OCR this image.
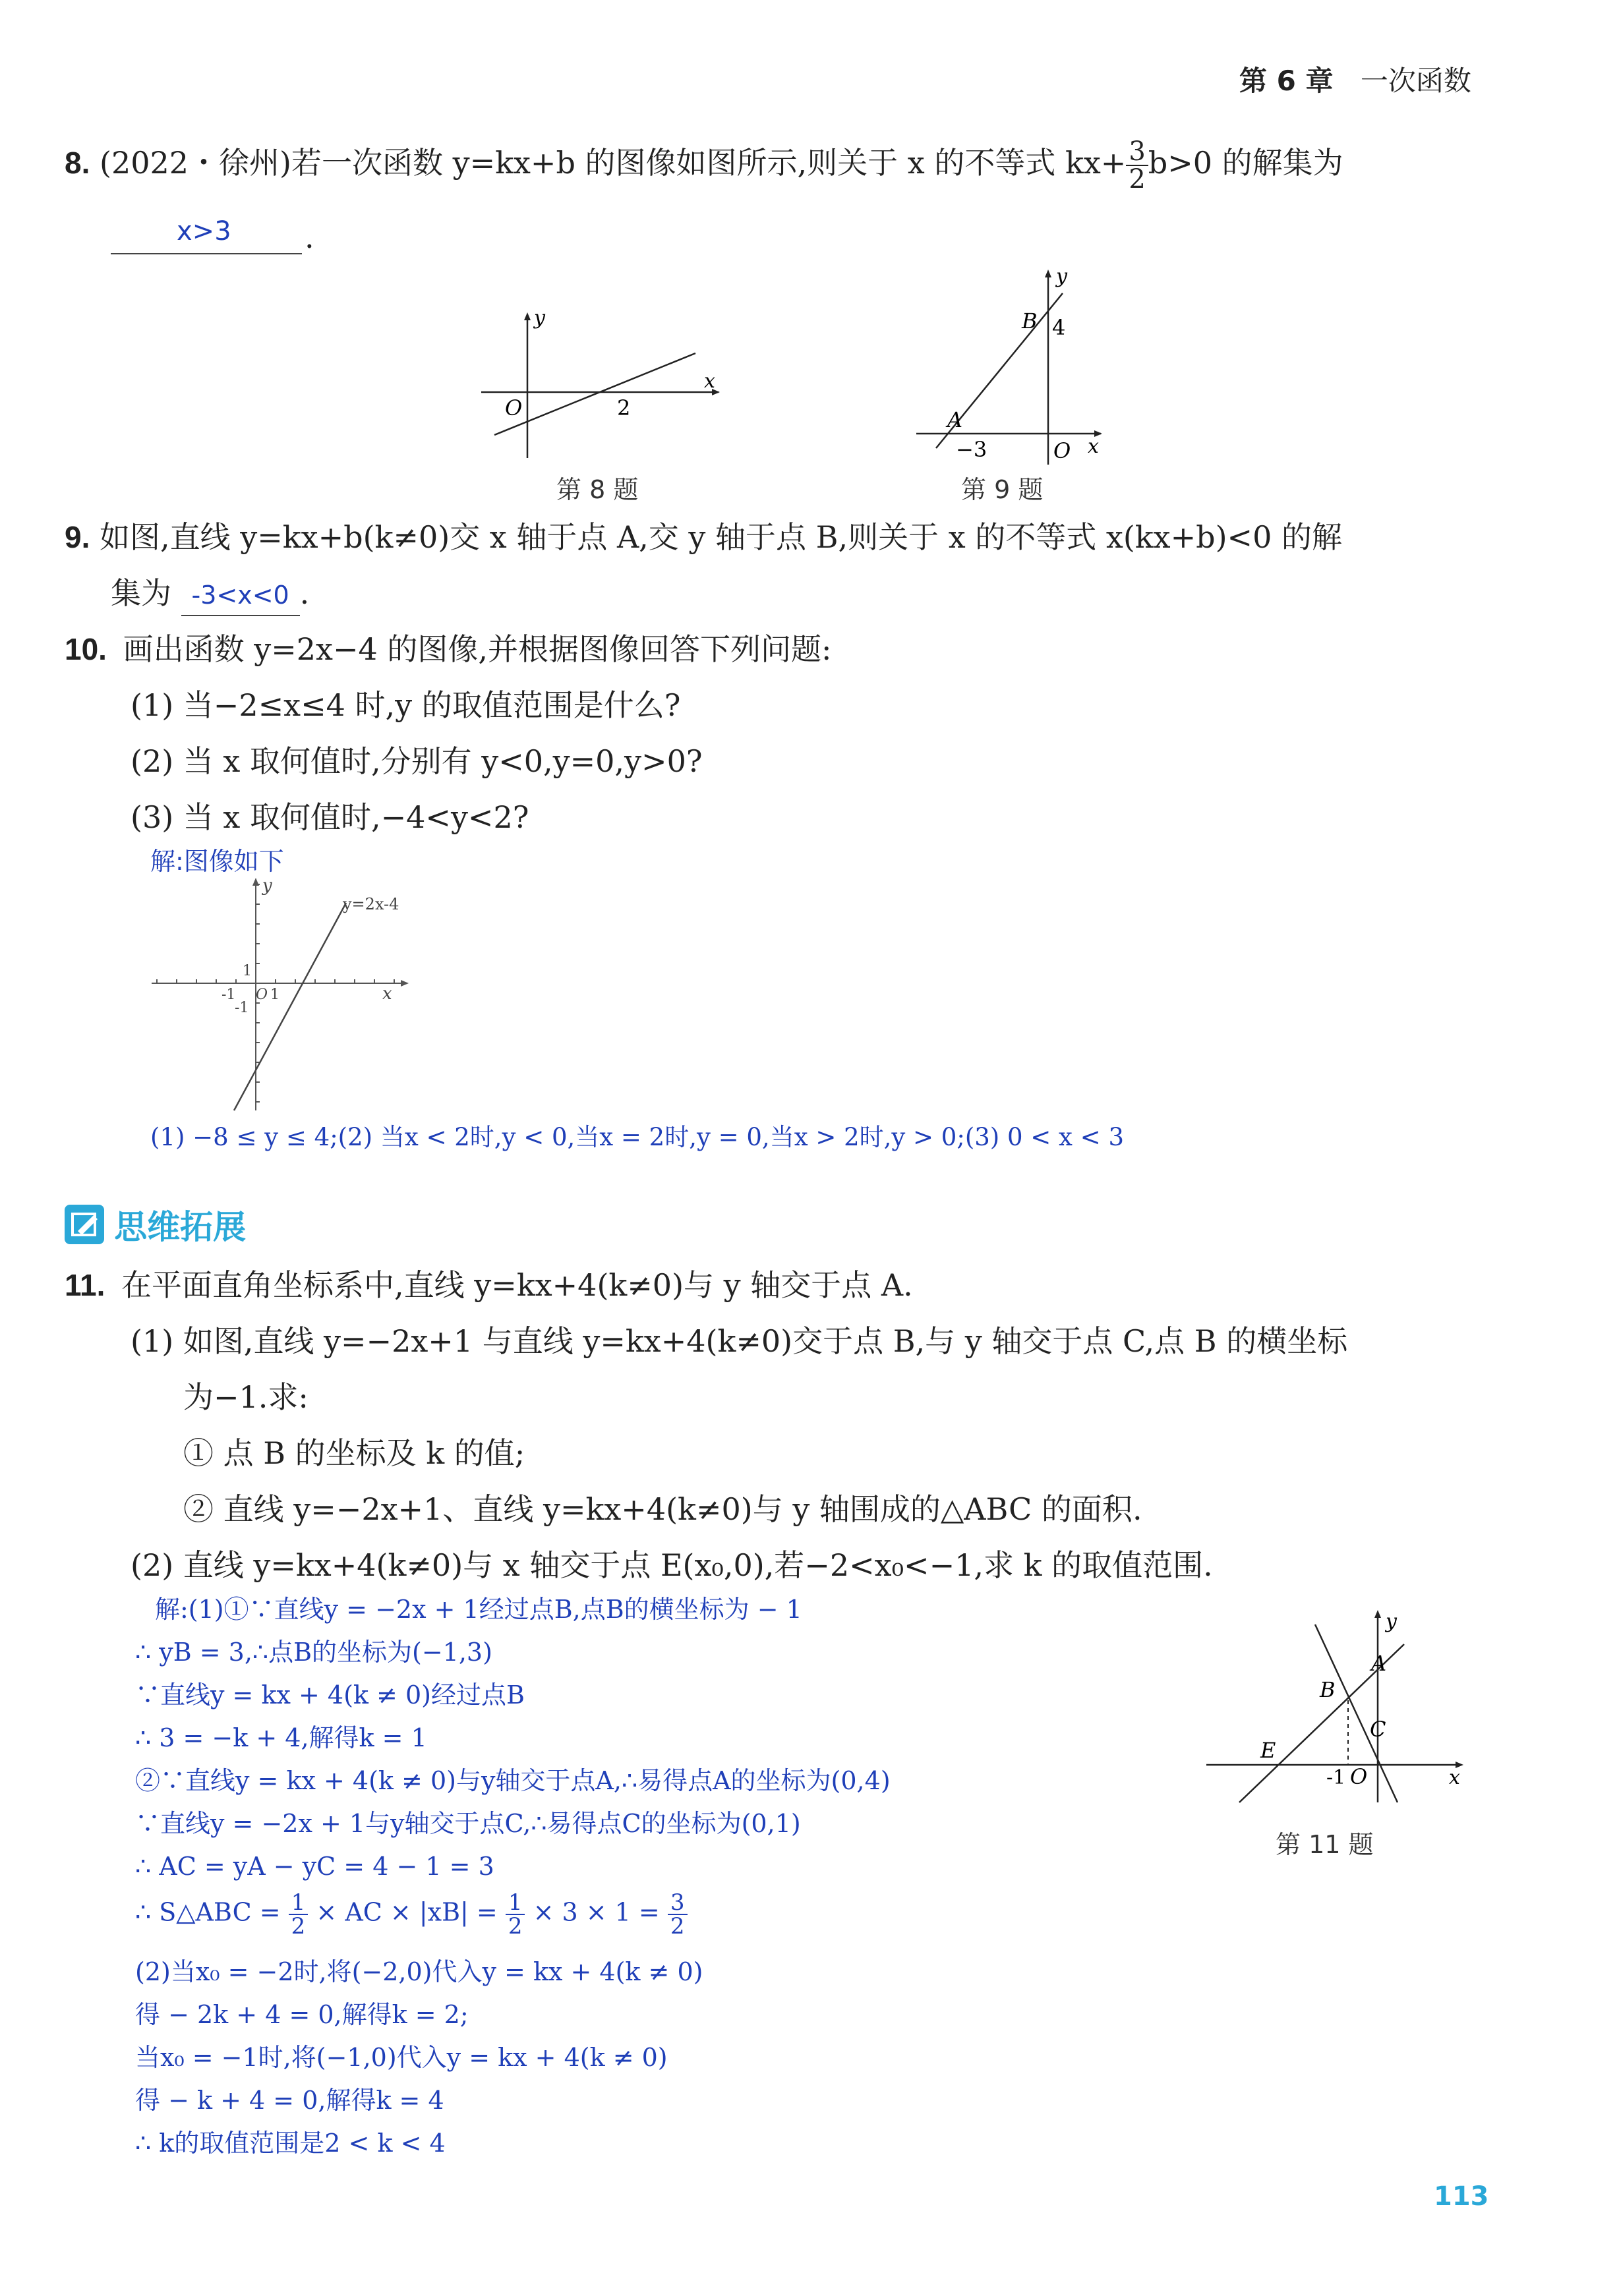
第 6 章 一次函数
8. (2022・徐州)若一次函数 y=kx+b 的图像如图所示,则关于 x 的不等式 $kx+ \frac{3}{2} b>0$ 的解集为
x>3 .
y
x
O	2
第 8 题
y
x
O
B 4
A
−3
第 9 题
9. 如图,直线 y=kx+b(k≠0)交 x 轴于点 A,交 y 轴于点 B,则关于 x 的不等式 x(kx+b)<0 的解
集为 -3<x<0 .
10. 画出函数 y=2x−4 的图像,并根据图像回答下列问题:
(1) 当−2≤x≤4 时,y 的取值范围是什么?
(2) 当 x 取何值时,分别有 y<0,y=0,y>0?
(3) 当 x 取何值时,−4<y<2?
解:图像如下
y
x
y=2x-4
1
-1 O 1
-1
(1) −8 ≤ y ≤ 4;(2) 当x < 2时,y < 0,当x = 2时,y = 0,当x > 2时,y > 0;(3) 0 < x < 3
思维拓展
11. 在平面直角坐标系中,直线 y=kx+4(k≠0)与 y 轴交于点 A.
(1) 如图,直线 y=−2x+1 与直线 y=kx+4(k≠0)交于点 B,与 y 轴交于点 C,点 B 的横坐标
为−1.求:
① 点 B 的坐标及 k 的值;
② 直线 y=−2x+1、直线 y=kx+4(k≠0)与 y 轴围成的△ABC 的面积.
(2) 直线 y=kx+4(k≠0)与 x 轴交于点 E(x₀,0),若−2<x₀<−1,求 k 的取值范围.
解:(1)①∵直线y = −2x + 1经过点B,点B的横坐标为 − 1
∴ yB = 3,∴点B的坐标为(−1,3)
∵直线y = kx + 4(k ≠ 0)经过点B
∴ 3 = −k + 4,解得k = 1
②∵直线y = kx + 4(k ≠ 0)与y轴交于点A,∴易得点A的坐标为(0,4)
∵直线y = −2x + 1与y轴交于点C,∴易得点C的坐标为(0,1)
∴ AC = yA − yC = 4 − 1 = 3
∴ S△ABC = $\frac{1}{2}$ × AC × $|xB| = \frac{1}{2} \times 3 \times 1 = \frac{3}{2}$
(2)当x₀ = −2时,将(−2,0)代入y = kx + 4(k ≠ 0)
得 − 2k + 4 = 0,解得k = 2;
当x₀ = −1时,将(−1,0)代入y = kx + 4(k ≠ 0)
得 − k + 4 = 0,解得k = 4
∴ k的取值范围是2 < k < 4
y
x
A
B
C
E
-1 O
第 11 题
113
